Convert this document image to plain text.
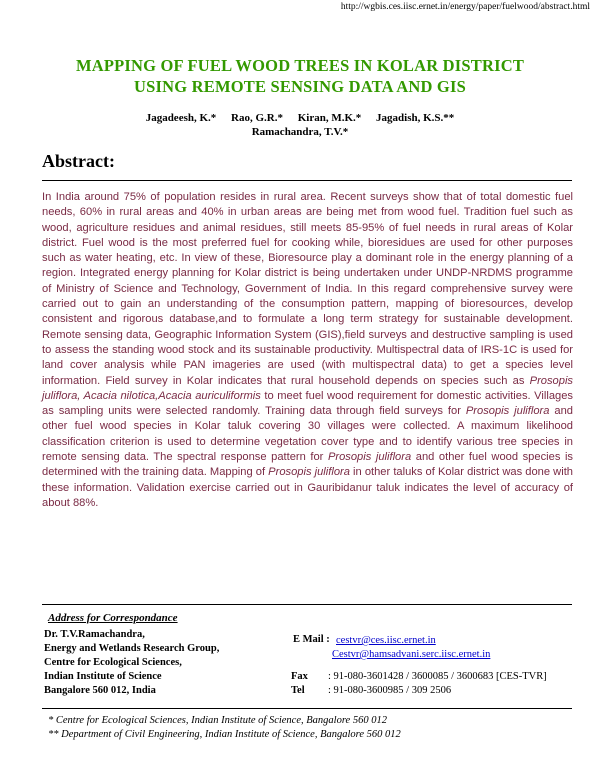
http://wgbis.ces.iisc.ernet.in/energy/paper/fuelwood/abstract.html
MAPPING OF FUEL WOOD TREES IN KOLAR DISTRICT
USING REMOTE SENSING DATA AND GIS
Jagadeesh, K.* Rao, G.R.* Kiran, M.K.* Jagadish, K.S.**
Ramachandra, T.V.*
Abstract:
In India around 75% of population resides in rural area. Recent surveys show that of total domestic fuel needs, 60% in rural areas and 40% in urban areas are being met from wood fuel. Tradition fuel such as wood, agriculture residues and animal residues, still meets 85-95% of fuel needs in rural areas of Kolar district. Fuel wood is the most preferred fuel for cooking while, bioresidues are used for other purposes such as water heating, etc. In view of these, Bioresource play a dominant role in the energy planning of a region. Integrated energy planning for Kolar district is being undertaken under UNDP-NRDMS programme of Ministry of Science and Technology, Government of India. In this regard comprehensive survey were carried out to gain an understanding of the consumption pattern, mapping of bioresources, develop consistent and rigorous database,and to formulate a long term strategy for sustainable development. Remote sensing data, Geographic Information System (GIS),field surveys and destructive sampling is used to assess the standing wood stock and its sustainable productivity. Multispectral data of IRS-1C is used for land cover analysis while PAN imageries are used (with multispectral data) to get a species level information. Field survey in Kolar indicates that rural household depends on species such as Prosopis juliflora, Acacia nilotica,Acacia auriculiformis to meet fuel wood requirement for domestic activities. Villages as sampling units were selected randomly. Training data through field surveys for Prosopis juliflora and other fuel wood species in Kolar taluk covering 30 villages were collected. A maximum likelihood classification criterion is used to determine vegetation cover type and to identify various tree species in remote sensing data. The spectral response pattern for Prosopis juliflora and other fuel wood species is determined with the training data. Mapping of Prosopis juliflora in other taluks of Kolar district was done with these information. Validation exercise carried out in Gauribidanur taluk indicates the level of accuracy of about 88%.
Address for Correspondance
Dr. T.V.Ramachandra,
Energy and Wetlands Research Group,
Centre for Ecological Sciences,
Indian Institute of Science
Bangalore 560 012, India
E Mail : cestvr@ces.iisc.ernet.in
Cestvr@hamsadvani.serc.iisc.ernet.in
Fax : 91-080-3601428 / 3600085 / 3600683 [CES-TVR]
Tel : 91-080-3600985 / 309 2506
* Centre for Ecological Sciences, Indian Institute of Science, Bangalore 560 012
** Department of Civil Engineering, Indian Institute of Science, Bangalore 560 012
